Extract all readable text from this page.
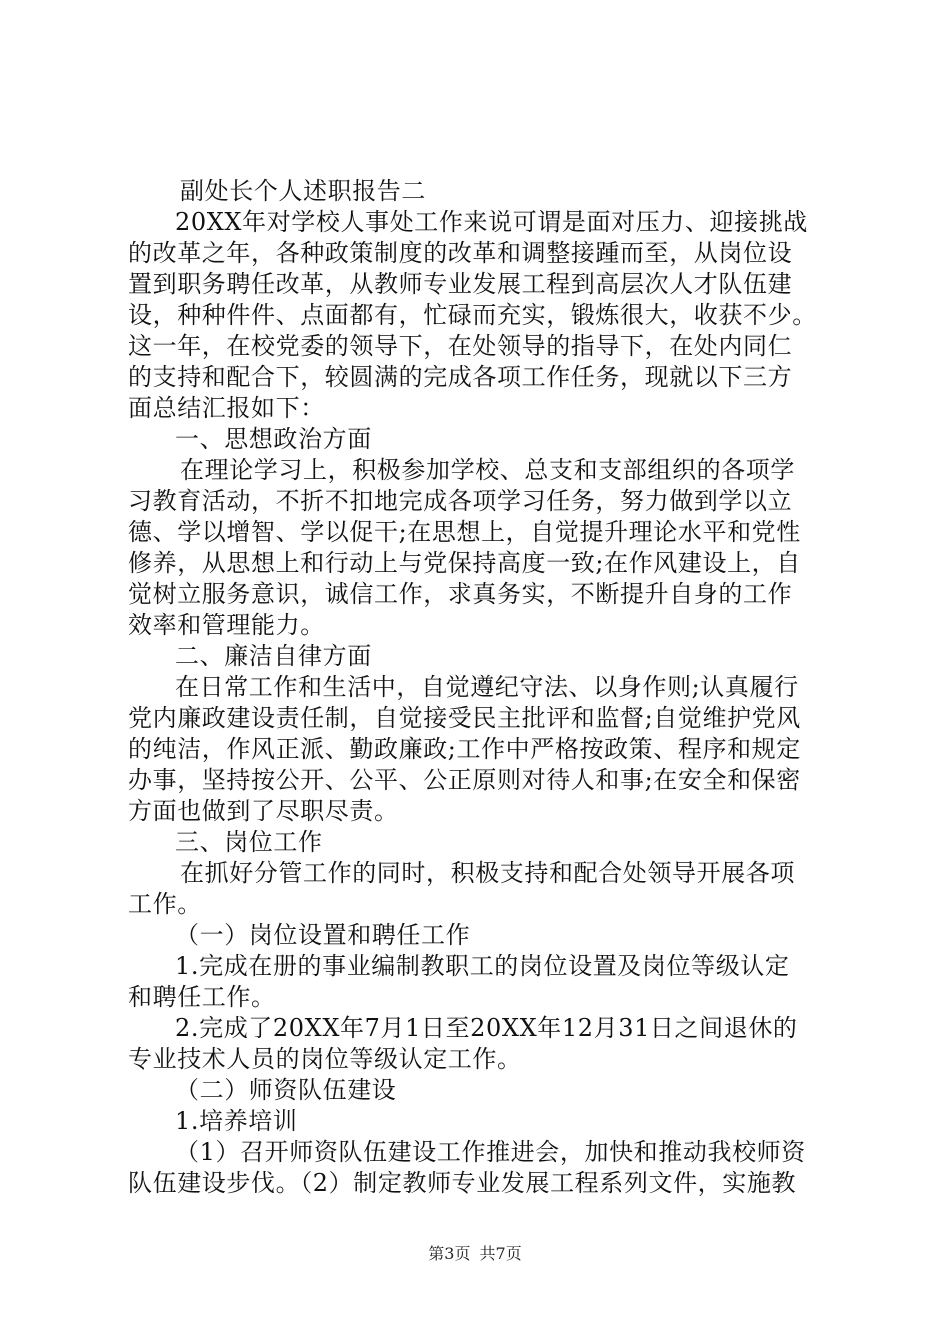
副处长个人述职报告二
20XX年对学校人事处工作来说可谓是面对压力、迎接挑战
的改革之年，各种政策制度的改革和调整接踵而至，从岗位设
置到职务聘任改革，从教师专业发展工程到高层次人才队伍建
设，种种件件、点面都有，忙碌而充实，锻炼很大，收获不少。
这一年，在校党委的领导下，在处领导的指导下，在处内同仁
的支持和配合下，较圆满的完成各项工作任务，现就以下三方
面总结汇报如下：
一、思想政治方面
在理论学习上，积极参加学校、总支和支部组织的各项学
习教育活动，不折不扣地完成各项学习任务，努力做到学以立
德、学以增智、学以促干;在思想上，自觉提升理论水平和党性
修养，从思想上和行动上与党保持高度一致;在作风建设上，自
觉树立服务意识，诚信工作，求真务实，不断提升自身的工作
效率和管理能力。
二、廉洁自律方面
在日常工作和生活中，自觉遵纪守法、以身作则;认真履行
党内廉政建设责任制，自觉接受民主批评和监督;自觉维护党风
的纯洁，作风正派、勤政廉政;工作中严格按政策、程序和规定
办事，坚持按公开、公平、公正原则对待人和事;在安全和保密
方面也做到了尽职尽责。
三、岗位工作
在抓好分管工作的同时，积极支持和配合处领导开展各项
工作。
（一）岗位设置和聘任工作
1.完成在册的事业编制教职工的岗位设置及岗位等级认定
和聘任工作。
2.完成了20XX年7月1日至20XX年12月31日之间退休的
专业技术人员的岗位等级认定工作。
（二）师资队伍建设
1.培养培训
（1）召开师资队伍建设工作推进会，加快和推动我校师资
队伍建设步伐。（2）制定教师专业发展工程系列文件，实施教
第3页 共7页
